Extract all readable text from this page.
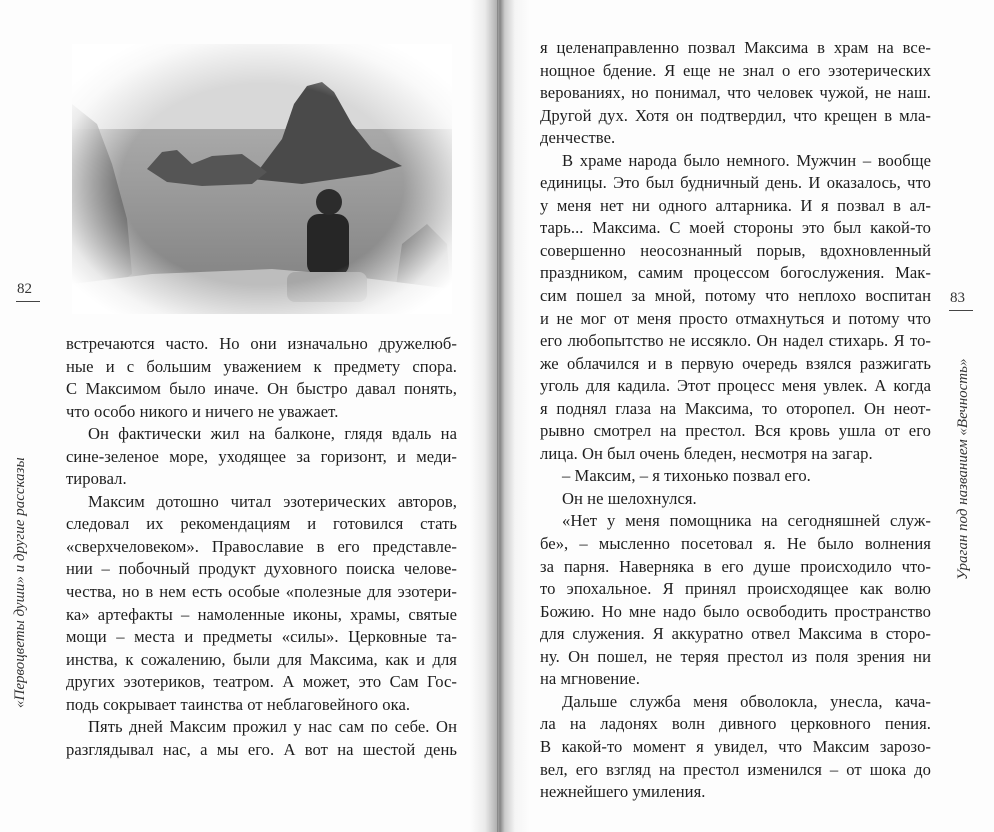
82
«Первоцветы души» и другие рассказы
встречаются часто. Но они изначально дружелюб-
ные и с большим уважением к предмету спора.
С Максимом было иначе. Он быстро давал понять,
что особо никого и ничего не уважает.
Он фактически жил на балконе, глядя вдаль на
сине-зеленое море, уходящее за горизонт, и меди-
тировал.
Максим дотошно читал эзотерических авторов,
следовал их рекомендациям и готовился стать
«сверхчеловеком». Православие в его представле-
нии – побочный продукт духовного поиска челове-
чества, но в нем есть особые «полезные для эзотери-
ка» артефакты – намоленные иконы, храмы, святые
мощи – места и предметы «силы». Церковные та-
инства, к сожалению, были для Максима, как и для
других эзотериков, театром. А может, это Сам Гос-
подь сокрывает таинства от неблаговейного ока.
Пять дней Максим прожил у нас сам по себе. Он
разглядывал нас, а мы его. А вот на шестой день
я целенаправленно позвал Максима в храм на все-
нощное бдение. Я еще не знал о его эзотерических
верованиях, но понимал, что человек чужой, не наш.
Другой дух. Хотя он подтвердил, что крещен в мла-
денчестве.
В храме народа было немного. Мужчин – вообще
единицы. Это был будничный день. И оказалось, что
у меня нет ни одного алтарника. И я позвал в ал-
тарь... Максима. С моей стороны это был какой-то
совершенно неосознанный порыв, вдохновленный
праздником, самим процессом богослужения. Мак-
сим пошел за мной, потому что неплохо воспитан
и не мог от меня просто отмахнуться и потому что
его любопытство не иссякло. Он надел стихарь. Я то-
же облачился и в первую очередь взялся разжигать
уголь для кадила. Этот процесс меня увлек. А когда
я поднял глаза на Максима, то оторопел. Он неот-
рывно смотрел на престол. Вся кровь ушла от его
лица. Он был очень бледен, несмотря на загар.
– Максим, – я тихонько позвал его.
Он не шелохнулся.
«Нет у меня помощника на сегодняшней служ-
бе», – мысленно посетовал я. Не было волнения
за парня. Наверняка в его душе происходило что-
то эпохальное. Я принял происходящее как волю
Божию. Но мне надо было освободить пространство
для служения. Я аккуратно отвел Максима в сторо-
ну. Он пошел, не теряя престол из поля зрения ни
на мгновение.
Дальше служба меня обволокла, унесла, кача-
ла на ладонях волн дивного церковного пения.
В какой-то момент я увидел, что Максим зарозо-
вел, его взгляд на престол изменился – от шока до
нежнейшего умиления.
83
Ураган под названием «Вечность»
